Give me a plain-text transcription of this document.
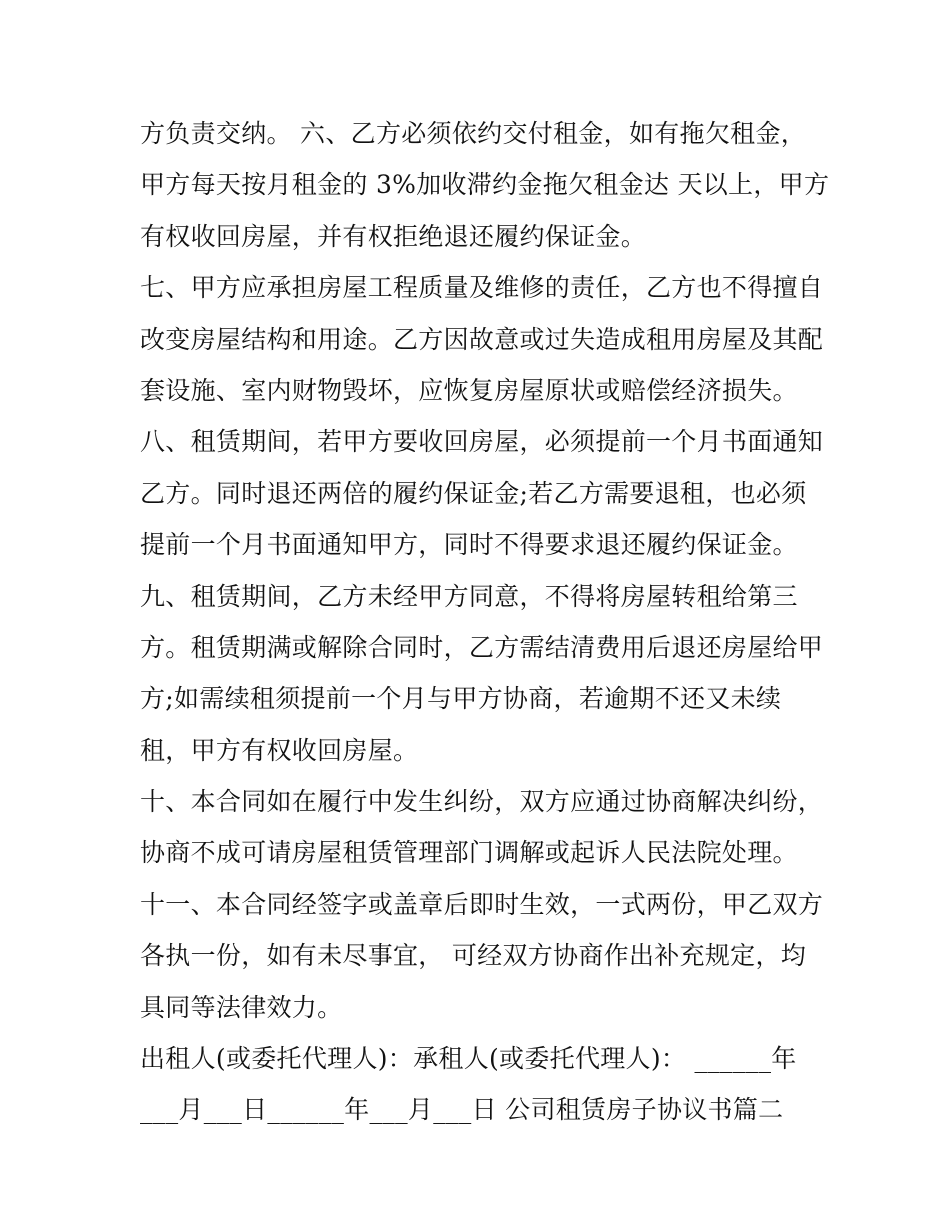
方负责交纳。 六、乙方必须依约交付租金，如有拖欠租金，
甲方每天按月租金的 3%加收滞约金拖欠租金达 天以上，甲方
有权收回房屋，并有权拒绝退还履约保证金。
七、甲方应承担房屋工程质量及维修的责任，乙方也不得擅自
改变房屋结构和用途。乙方因故意或过失造成租用房屋及其配
套设施、室内财物毁坏，应恢复房屋原状或赔偿经济损失。
八、租赁期间，若甲方要收回房屋，必须提前一个月书面通知
乙方。同时退还两倍的履约保证金;若乙方需要退租，也必须
提前一个月书面通知甲方，同时不得要求退还履约保证金。
九、租赁期间，乙方未经甲方同意，不得将房屋转租给第三
方。租赁期满或解除合同时，乙方需结清费用后退还房屋给甲
方;如需续租须提前一个月与甲方协商，若逾期不还又未续
租，甲方有权收回房屋。
十、本合同如在履行中发生纠纷，双方应通过协商解决纠纷，
协商不成可请房屋租赁管理部门调解或起诉人民法院处理。
十一、本合同经签字或盖章后即时生效，一式两份，甲乙双方
各执一份，如有未尽事宜， 可经双方协商作出补充规定，均
具同等法律效力。
出租人(或委托代理人)：承租人(或委托代理人)： ______年
___月___日______年___月___日 公司租赁房子协议书篇二
